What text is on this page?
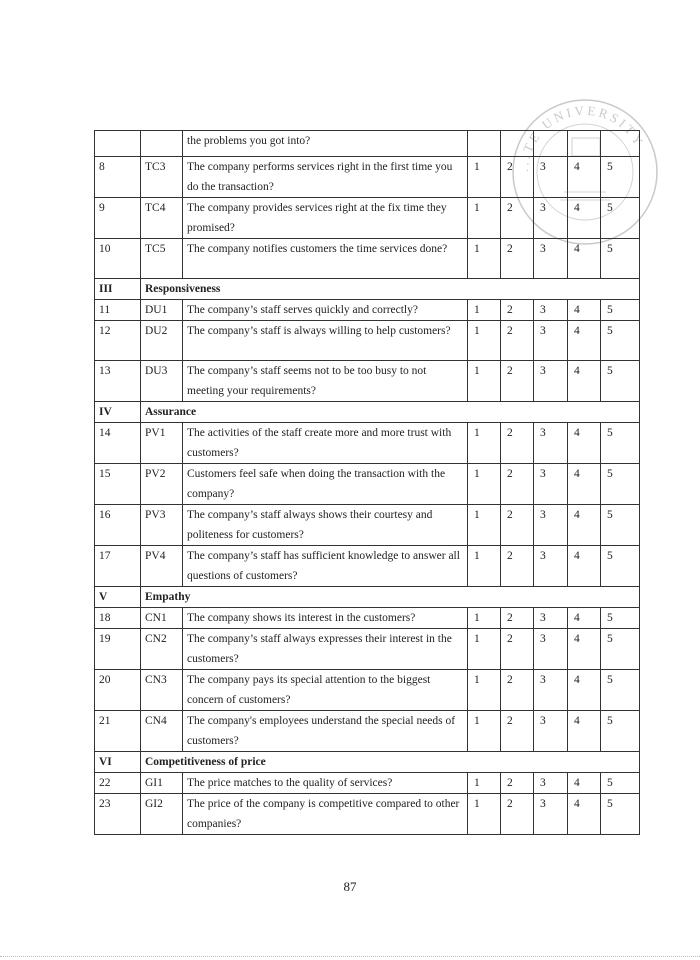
...TE UNIVERSITY
		the problems you got into?					
8	TC3	The company performs services right in the first time you do the transaction?	1	2	3	4	5
9	TC4	The company provides services right at the fix time they promised?	1	2	3	4	5
10	TC5	The company notifies customers the time services done?	1	2	3	4	5
III	Responsiveness						
11	DU1	The company’s staff serves quickly and correctly?	1	2	3	4	5
12	DU2	The company’s staff is always willing to help customers?	1	2	3	4	5
13	DU3	The company’s staff seems not to be too busy to not meeting your requirements?	1	2	3	4	5
IV	Assurance						
14	PV1	The activities of the staff create more and more trust with customers?	1	2	3	4	5
15	PV2	Customers feel safe when doing the transaction with the company?	1	2	3	4	5
16	PV3	The company’s staff always shows their courtesy and politeness for customers?	1	2	3	4	5
17	PV4	The company’s staff has sufficient knowledge to answer all questions of customers?	1	2	3	4	5
V	Empathy						
18	CN1	The company shows its interest in the customers?	1	2	3	4	5
19	CN2	The company’s staff always expresses their interest in the customers?	1	2	3	4	5
20	CN3	The company pays its special attention to the biggest concern of customers?	1	2	3	4	5
21	CN4	The company's employees understand the special needs of customers?	1	2	3	4	5
VI	Competitiveness of price						
22	GI1	The price matches to the quality of services?	1	2	3	4	5
23	GI2	The price of the company is competitive compared to other companies?	1	2	3	4	5
87
